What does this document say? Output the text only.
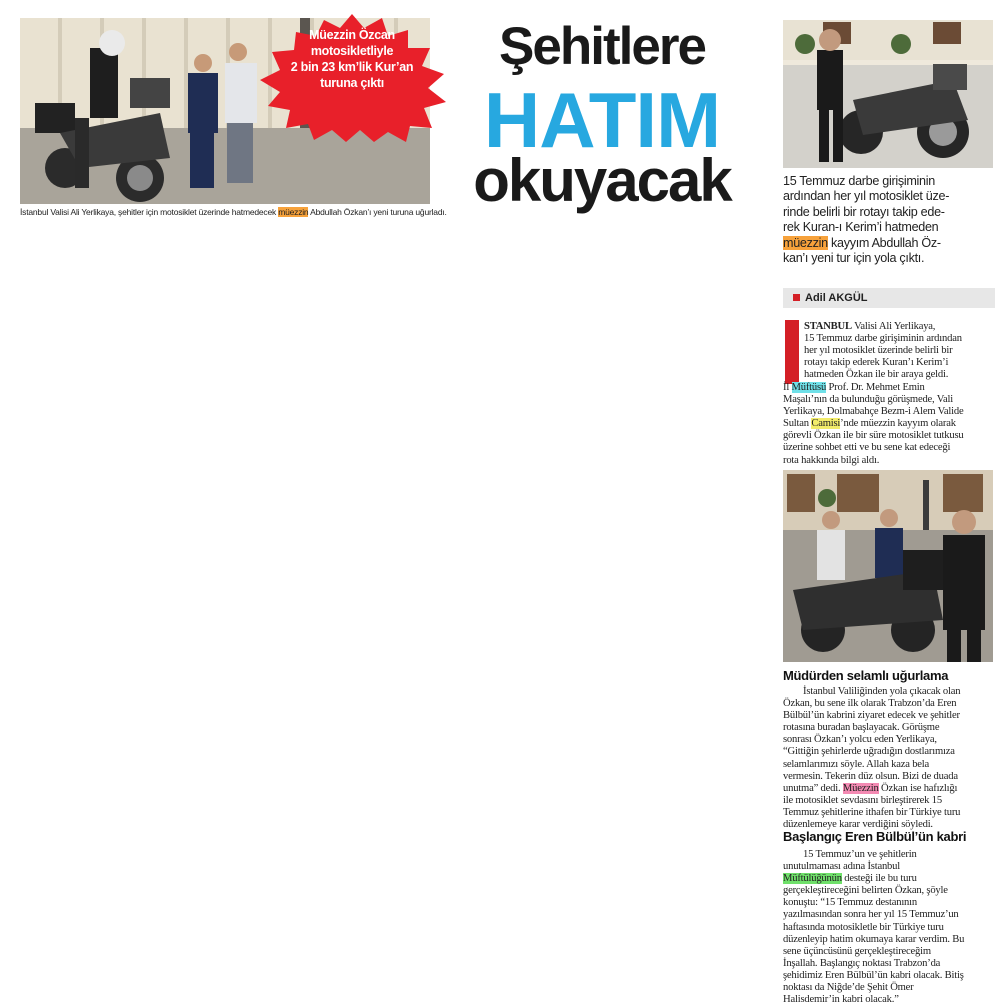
Müezzin Özcan
motosikletliyle
2 bin 23 km’lik Kur’an
turuna çıktı
Şehitlere
HATIM
okuyacak
İstanbul Valisi Ali Yerlikaya, şehitler için motosiklet üzerinde hatmedecek müezzin Abdullah Özkan’ı yeni turuna uğurladı.
15 Temmuz darbe girişiminin
ardından her yıl motosiklet üze-
rinde belirli bir rotayı takip ede-
rek Kuran-ı Kerim’i hatmeden
müezzin kayyım Abdullah Öz-
kan’ı yeni tur için yola çıktı.
Adil AKGÜL
STANBUL Valisi Ali Yerlikaya,
15 Temmuz darbe girişiminin ardından
her yıl motosiklet üzerinde belirli bir
rotayı takip ederek Kuran’ı Kerim’i
hatmeden Özkan ile bir araya geldi.
İl Müftüsü Prof. Dr. Mehmet Emin
Maşalı’nın da bulunduğu görüşmede, Vali
Yerlikaya, Dolmabahçe Bezm-i Alem Valide
Sultan Camisi’nde müezzin kayyım olarak
görevli Özkan ile bir süre motosiklet tutkusu
üzerine sohbet etti ve bu sene kat edeceği
rota hakkında bilgi aldı.
Müdürden selamlı uğurlama
İstanbul Valiliğinden yola çıkacak olan
Özkan, bu sene ilk olarak Trabzon’da Eren
Bülbül’ün kabrini ziyaret edecek ve şehitler
rotasına buradan başlayacak. Görüşme
sonrası Özkan’ı yolcu eden Yerlikaya,
“Gittiğin şehirlerde uğradığın dostlarımıza
selamlarımızı söyle. Allah kaza bela
vermesin. Tekerin düz olsun. Bizi de duada
unutma” dedi. Müezzin Özkan ise hafızlığı
ile motosiklet sevdasını birleştirerek 15
Temmuz şehitlerine ithafen bir Türkiye turu
düzenlemeye karar verdiğini söyledi.
Başlangıç Eren Bülbül’ün kabri
15 Temmuz’un ve şehitlerin
unutulmaması adına İstanbul
Müftülüğünün desteği ile bu turu
gerçekleştireceğini belirten Özkan, şöyle
konuştu: “15 Temmuz destanının
yazılmasından sonra her yıl 15 Temmuz’un
haftasında motosikletle bir Türkiye turu
düzenleyip hatim okumaya karar verdim. Bu
sene üçüncüsünü gerçekleştireceğim
İnşallah. Başlangıç noktası Trabzon’da
şehidimiz Eren Bülbül’ün kabri olacak. Bitiş
noktası da Niğde’de Şehit Ömer
Halisdemir’in kabri olacak.”
